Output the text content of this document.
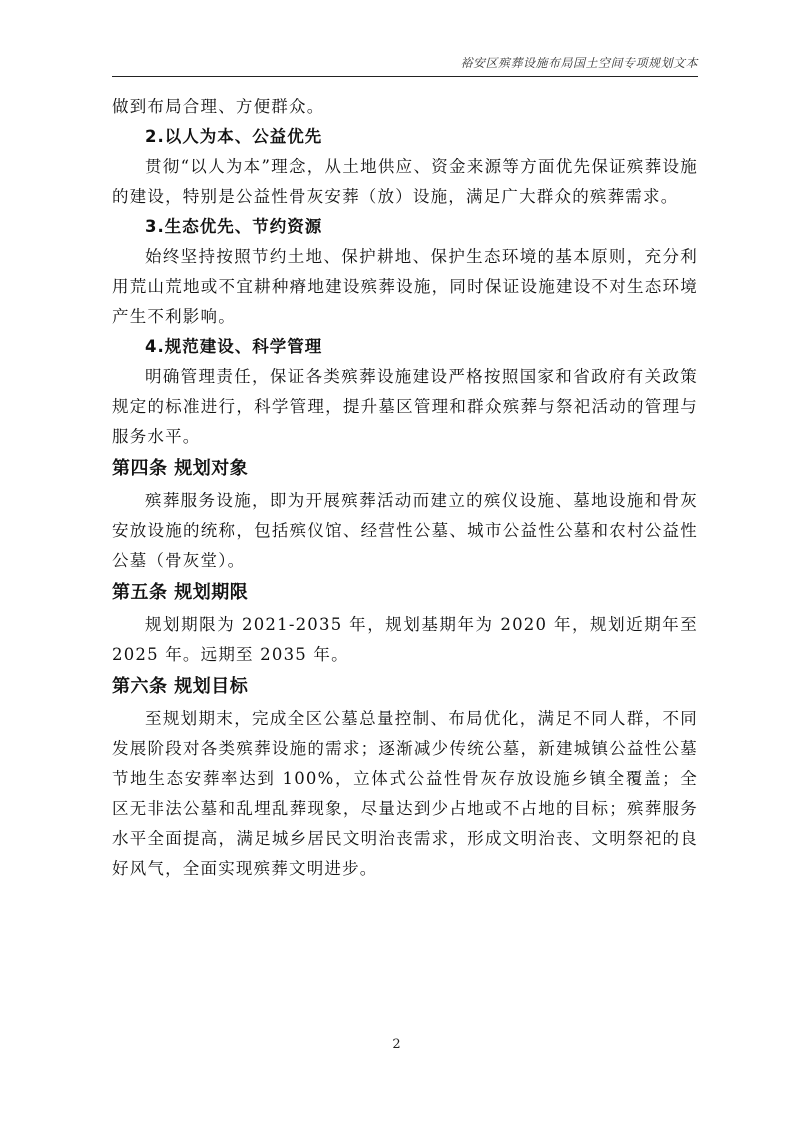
裕安区殡葬设施布局国土空间专项规划文本

做到布局合理、方便群众。

2.以人为本、公益优先

贯彻“以人为本”理念，从土地供应、资金来源等方面优先保证殡葬设施的建设，特别是公益性骨灰安葬（放）设施，满足广大群众的殡葬需求。

3.生态优先、节约资源

始终坚持按照节约土地、保护耕地、保护生态环境的基本原则，充分利用荒山荒地或不宜耕种瘠地建设殡葬设施，同时保证设施建设不对生态环境产生不利影响。

4.规范建设、科学管理

明确管理责任，保证各类殡葬设施建设严格按照国家和省政府有关政策规定的标准进行，科学管理，提升墓区管理和群众殡葬与祭祀活动的管理与服务水平。

第四条 规划对象

殡葬服务设施，即为开展殡葬活动而建立的殡仪设施、墓地设施和骨灰安放设施的统称，包括殡仪馆、经营性公墓、城市公益性公墓和农村公益性公墓（骨灰堂）。

第五条 规划期限

规划期限为 2021-2035 年，规划基期年为 2020 年，规划近期年至 2025 年。远期至 2035 年。

第六条 规划目标

至规划期末，完成全区公墓总量控制、布局优化，满足不同人群，不同发展阶段对各类殡葬设施的需求；逐渐减少传统公墓，新建城镇公益性公墓节地生态安葬率达到 100%，立体式公益性骨灰存放设施乡镇全覆盖；全区无非法公墓和乱埋乱葬现象，尽量达到少占地或不占地的目标；殡葬服务水平全面提高，满足城乡居民文明治丧需求，形成文明治丧、文明祭祀的良好风气，全面实现殡葬文明进步。

2
